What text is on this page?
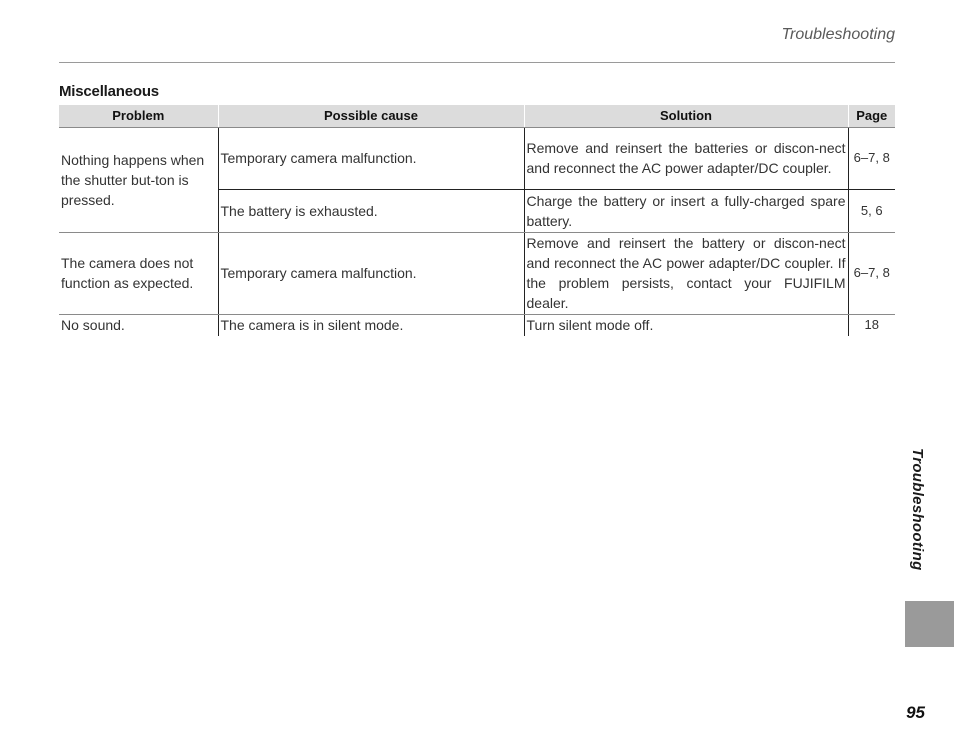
Troubleshooting
Miscellaneous
Problem	Possible cause	Solution	Page
Nothing happens when the shutter but-ton is pressed.	Temporary camera malfunction.	Remove and reinsert the batteries or discon-nect and reconnect the AC power adapter/DC coupler.	6–7, 8
	The battery is exhausted.	Charge the battery or insert a fully-charged spare battery.	5, 6
The camera does not function as expected.	Temporary camera malfunction.	Remove and reinsert the battery or discon-nect and reconnect the AC power adapter/DC coupler. If the problem persists, contact your FUJIFILM dealer.	6–7, 8
No sound.	The camera is in silent mode.	Turn silent mode off.	18
Troubleshooting
95
